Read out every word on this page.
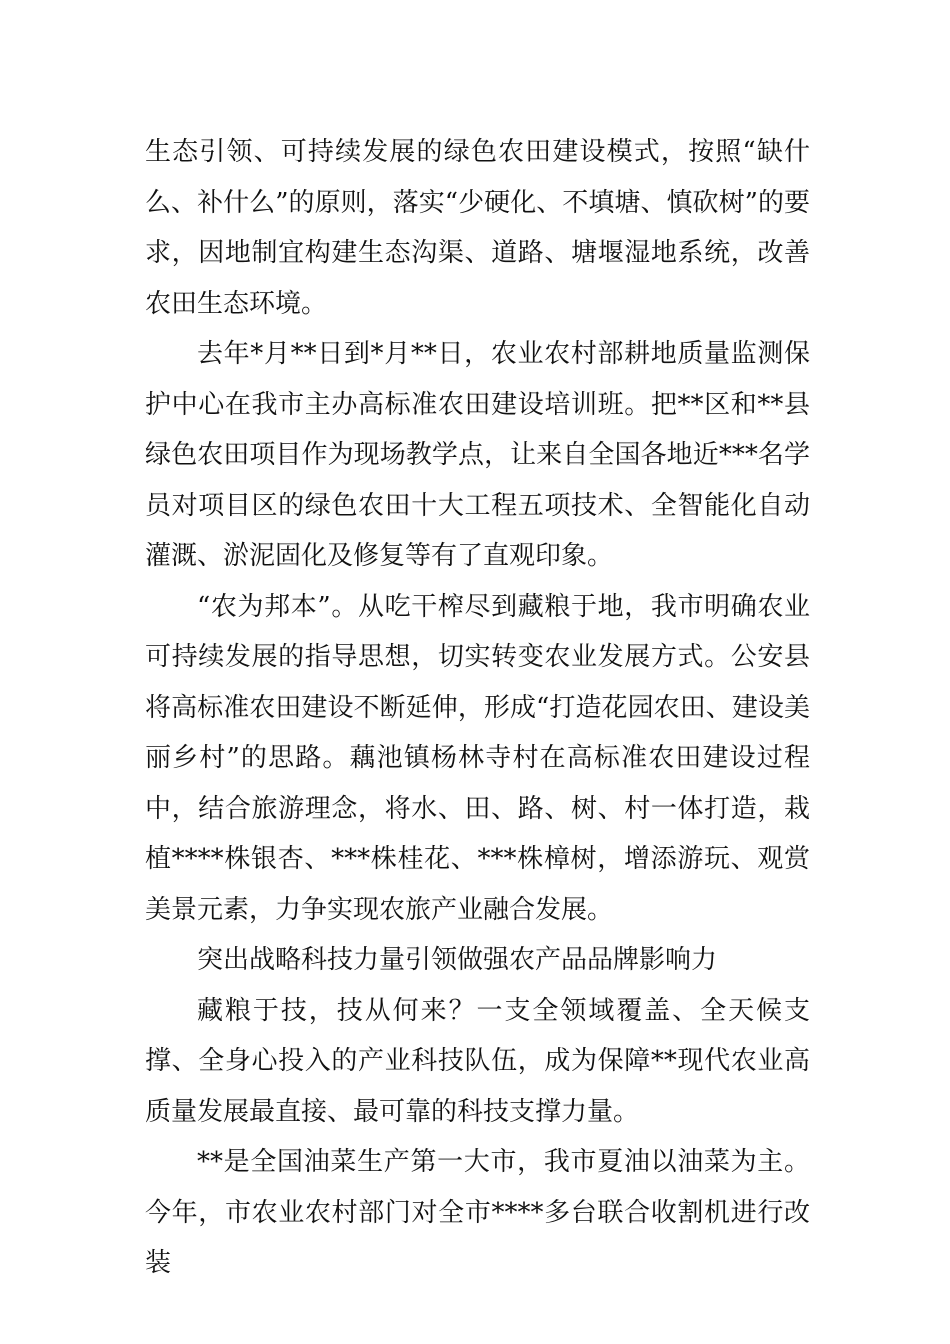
生态引领、可持续发展的绿色农田建设模式，按照“缺什么、补什么”的原则，落实“少硬化、不填塘、慎砍树”的要求，因地制宜构建生态沟渠、道路、塘堰湿地系统，改善农田生态环境。

去年*月**日到*月**日，农业农村部耕地质量监测保护中心在我市主办高标准农田建设培训班。把**区和**县绿色农田项目作为现场教学点，让来自全国各地近***名学员对项目区的绿色农田十大工程五项技术、全智能化自动灌溉、淤泥固化及修复等有了直观印象。

“农为邦本”。从吃干榨尽到藏粮于地，我市明确农业可持续发展的指导思想，切实转变农业发展方式。公安县将高标准农田建设不断延伸，形成“打造花园农田、建设美丽乡村”的思路。藕池镇杨林寺村在高标准农田建设过程中，结合旅游理念，将水、田、路、树、村一体打造，栽植****株银杏、***株桂花、***株樟树，增添游玩、观赏美景元素，力争实现农旅产业融合发展。

突出战略科技力量引领做强农产品品牌影响力

藏粮于技，技从何来？一支全领域覆盖、全天候支撑、全身心投入的产业科技队伍，成为保障**现代农业高质量发展最直接、最可靠的科技支撑力量。

**是全国油菜生产第一大市，我市夏油以油菜为主。今年，市农业农村部门对全市****多台联合收割机进行改装
